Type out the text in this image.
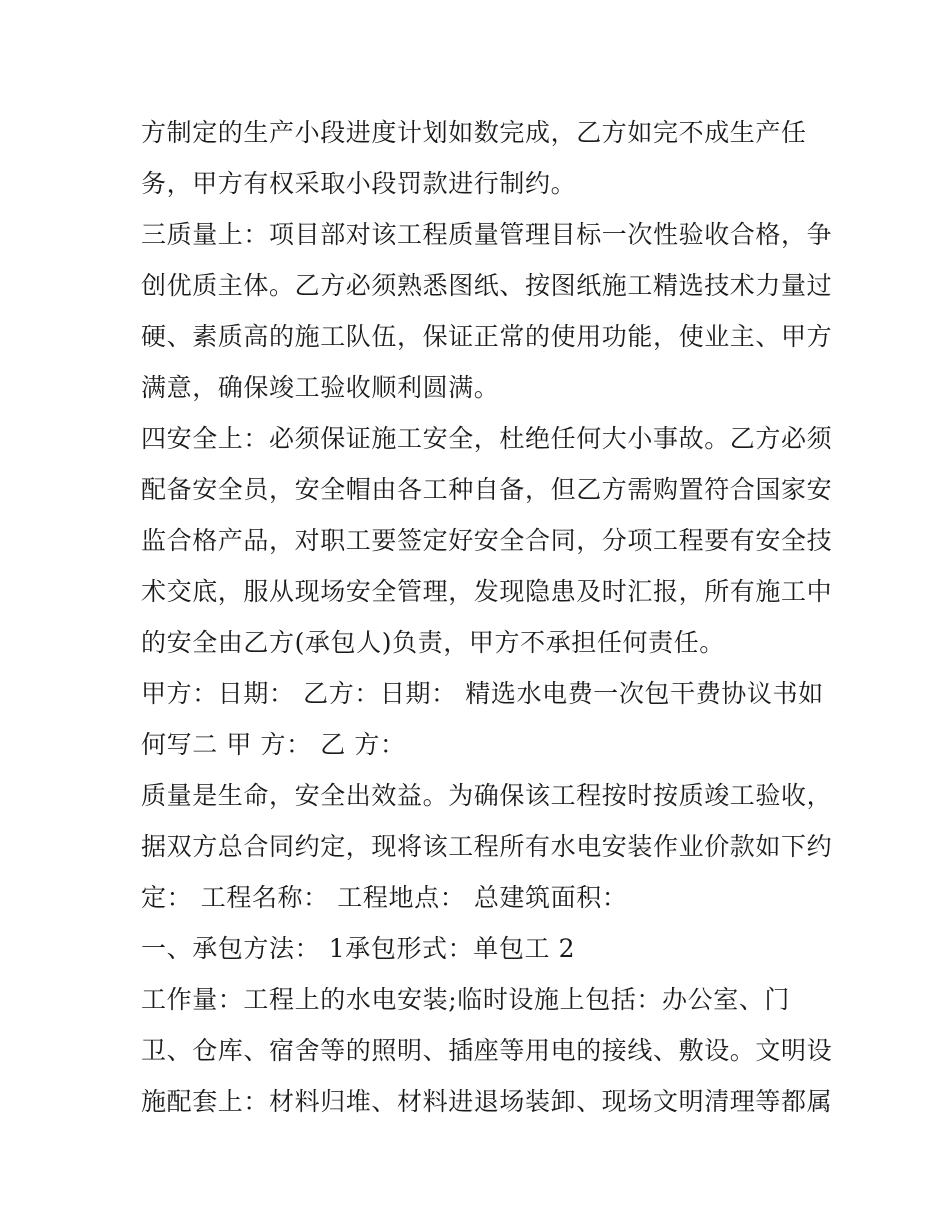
方制定的生产小段进度计划如数完成，乙方如完不成生产任
务，甲方有权采取小段罚款进行制约。
三质量上：项目部对该工程质量管理目标一次性验收合格，争
创优质主体。乙方必须熟悉图纸、按图纸施工精选技术力量过
硬、素质高的施工队伍，保证正常的使用功能，使业主、甲方
满意，确保竣工验收顺利圆满。
四安全上：必须保证施工安全，杜绝任何大小事故。乙方必须
配备安全员，安全帽由各工种自备，但乙方需购置符合国家安
监合格产品，对职工要签定好安全合同，分项工程要有安全技
术交底，服从现场安全管理，发现隐患及时汇报，所有施工中
的安全由乙方(承包人)负责，甲方不承担任何责任。
甲方：日期： 乙方：日期： 精选水电费一次包干费协议书如
何写二 甲 方： 乙 方：
质量是生命，安全出效益。为确保该工程按时按质竣工验收，
据双方总合同约定，现将该工程所有水电安装作业价款如下约
定： 工程名称： 工程地点： 总建筑面积：
一、承包方法： 1承包形式：单包工 2
工作量：工程上的水电安装;临时设施上包括：办公室、门
卫、仓库、宿舍等的照明、插座等用电的接线、敷设。文明设
施配套上：材料归堆、材料进退场装卸、现场文明清理等都属
